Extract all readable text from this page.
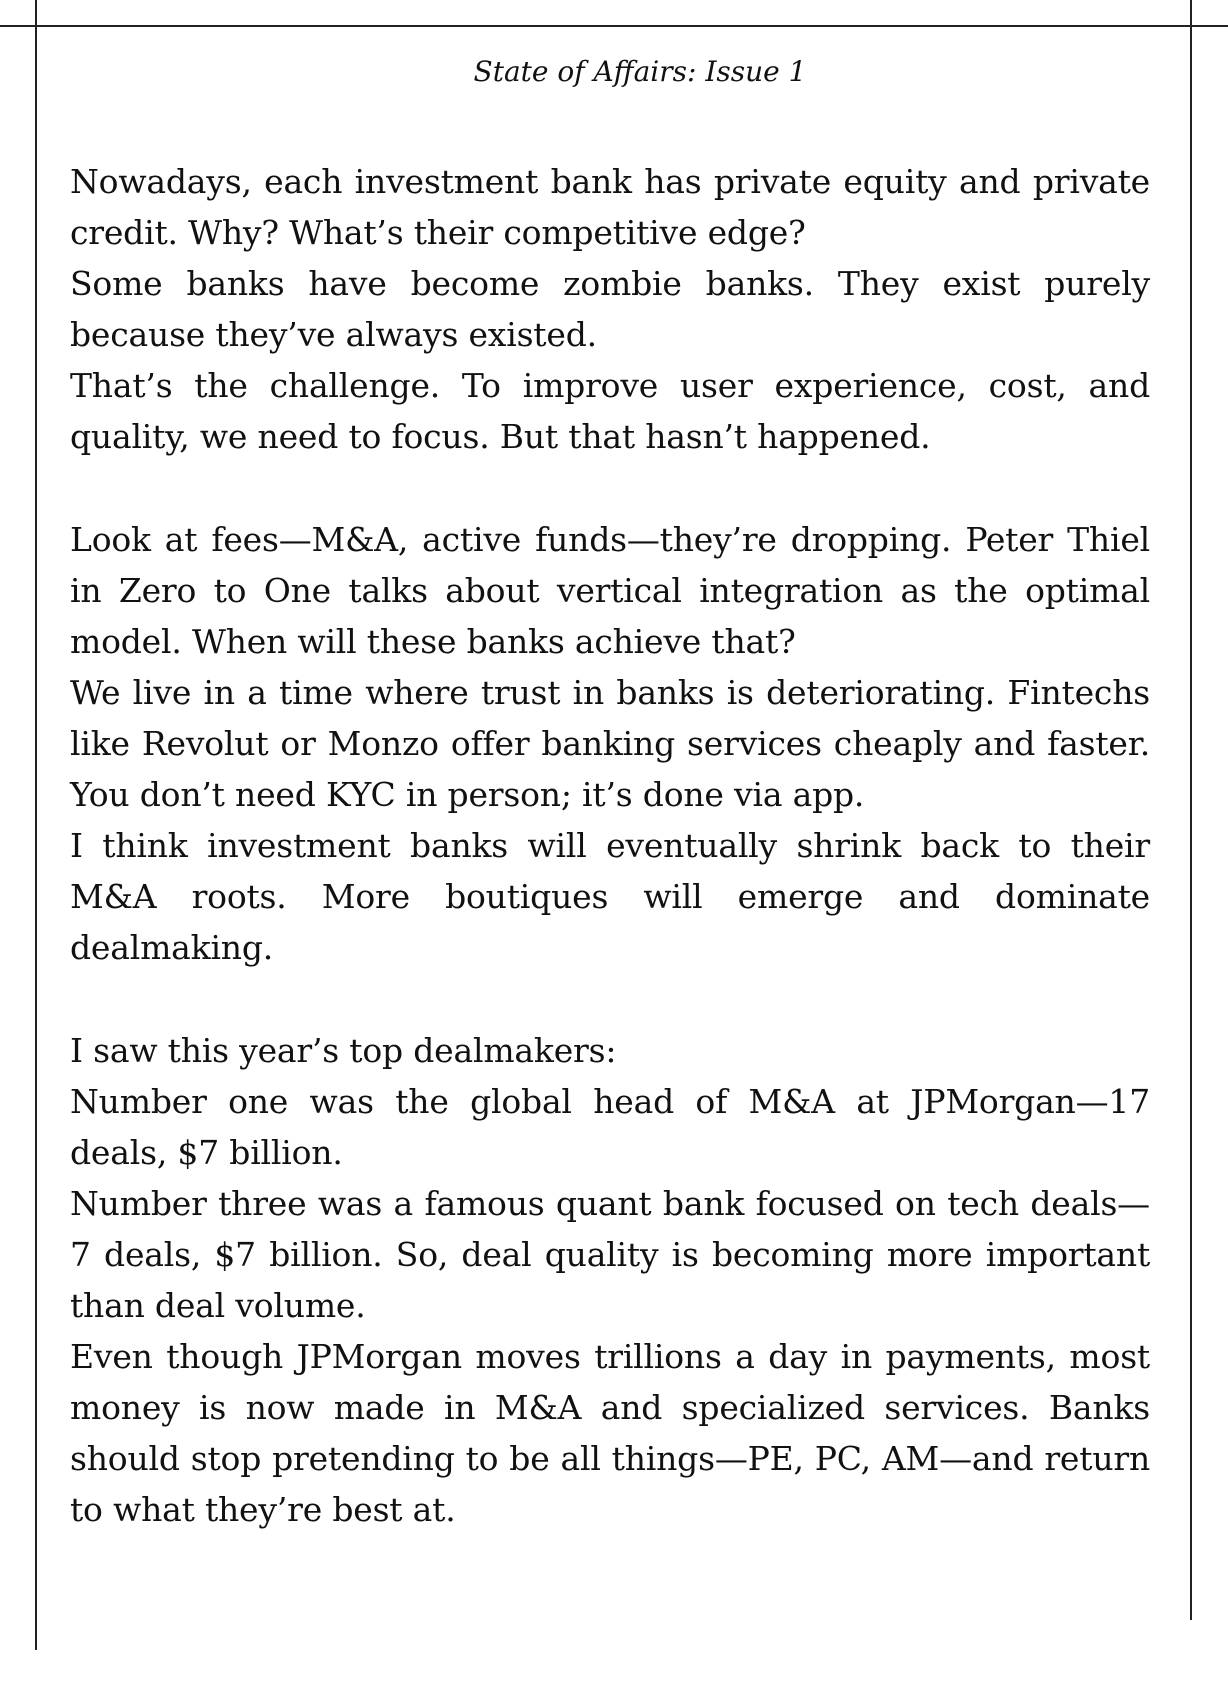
State of Affairs: Issue 1

Nowadays, each investment bank has private equity and private credit. Why? What’s their competitive edge?

Some banks have become zombie banks. They exist purely because they’ve always existed.

That’s the challenge. To improve user experience, cost, and quality, we need to focus. But that hasn’t happened.

Look at fees—M&A, active funds—they’re dropping. Peter Thiel in Zero to One talks about vertical integration as the optimal model. When will these banks achieve that?

We live in a time where trust in banks is deteriorating. Fintechs like Revolut or Monzo offer banking services cheaply and faster. You don’t need KYC in person; it’s done via app.

I think investment banks will eventually shrink back to their M&A roots. More boutiques will emerge and dominate dealmaking.

I saw this year’s top dealmakers:

Number one was the global head of M&A at JPMorgan—17 deals, $7 billion.

Number three was a famous quant bank focused on tech deals—7 deals, $7 billion. So, deal quality is becoming more important than deal volume.

Even though JPMorgan moves trillions a day in payments, most money is now made in M&A and specialized services. Banks should stop pretending to be all things—PE, PC, AM—and return to what they’re best at.
